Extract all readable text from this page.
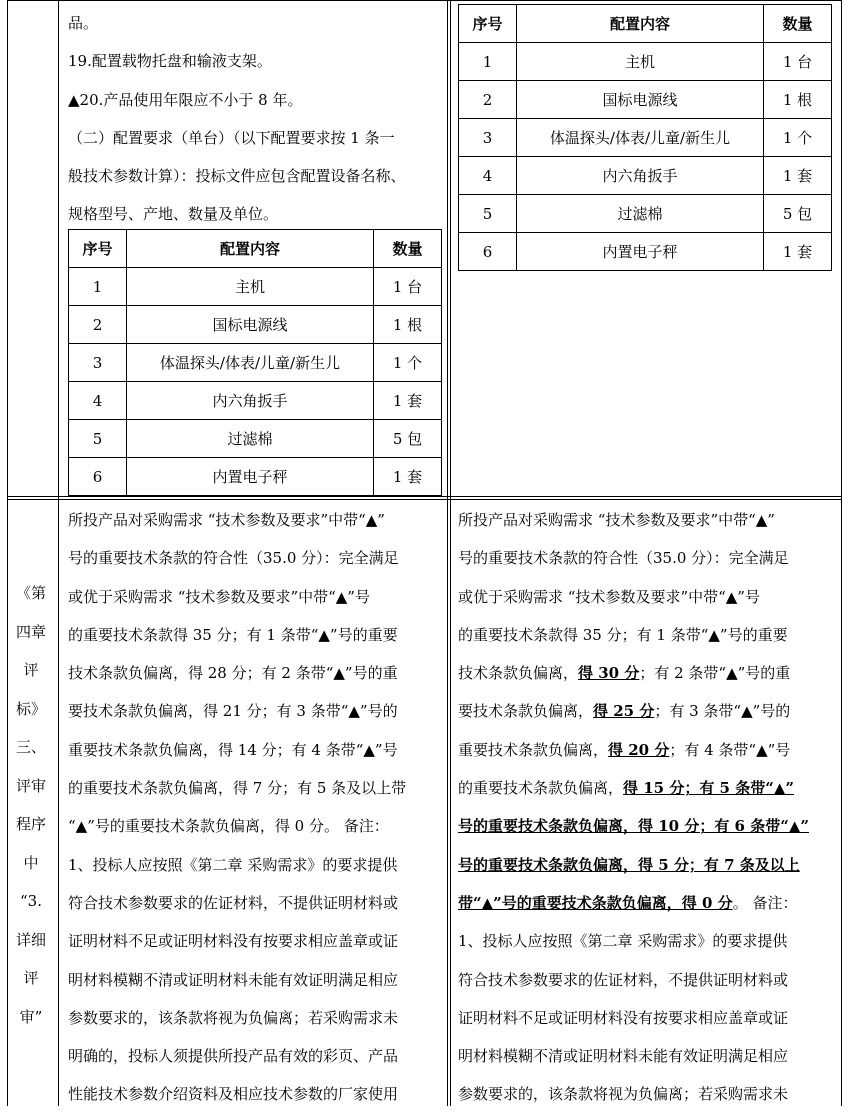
品。

19.配置载物托盘和输液支架。

▲20.产品使用年限应不小于 8 年。

（二）配置要求（单台）（以下配置要求按 1 条一

般技术参数计算）：投标文件应包含配置设备名称、

规格型号、产地、数量及单位。

序号	配置内容	数量
1	主机	1 台
2	国标电源线	1 根
3	体温探头/体表/儿童/新生儿	1 个
4	内六角扳手	1 套
5	过滤棉	5 包
6	内置电子秤	1 套
序号	配置内容	数量
1	主机	1 台
2	国标电源线	1 根
3	体温探头/体表/儿童/新生儿	1 个
4	内六角扳手	1 套
5	过滤棉	5 包
6	内置电子秤	1 套
《第
四章
评
标》
三、
评审
程序
中
“3.
详细
评
审”

所投产品对采购需求 “技术参数及要求”中带“▲”

号的重要技术条款的符合性（35.0 分）：完全满足

或优于采购需求 “技术参数及要求”中带“▲”号

的重要技术条款得 35 分；有 1 条带“▲”号的重要

技术条款负偏离，得 28 分；有 2 条带“▲”号的重

要技术条款负偏离，得 21 分；有 3 条带“▲”号的

重要技术条款负偏离，得 14 分；有 4 条带“▲”号

的重要技术条款负偏离，得 7 分；有 5 条及以上带

“▲”号的重要技术条款负偏离，得 0 分。 备注：

1、投标人应按照《第二章 采购需求》的要求提供

符合技术参数要求的佐证材料，不提供证明材料或

证明材料不足或证明材料没有按要求相应盖章或证

明材料模糊不清或证明材料未能有效证明满足相应

参数要求的，该条款将视为负偏离；若采购需求未

明确的，投标人须提供所投产品有效的彩页、产品

性能技术参数介绍资料及相应技术参数的厂家使用

所投产品对采购需求 “技术参数及要求”中带“▲”

号的重要技术条款的符合性（35.0 分）：完全满足

或优于采购需求 “技术参数及要求”中带“▲”号

的重要技术条款得 35 分；有 1 条带“▲”号的重要

技术条款负偏离，得 30 分；有 2 条带“▲”号的重

要技术条款负偏离，得 25 分；有 3 条带“▲”号的

重要技术条款负偏离，得 20 分；有 4 条带“▲”号

的重要技术条款负偏离，得 15 分；有 5 条带“▲”

号的重要技术条款负偏离，得 10 分；有 6 条带“▲”

号的重要技术条款负偏离，得 5 分；有 7 条及以上

带“▲”号的重要技术条款负偏离，得 0 分。 备注：

1、投标人应按照《第二章 采购需求》的要求提供

符合技术参数要求的佐证材料，不提供证明材料或

证明材料不足或证明材料没有按要求相应盖章或证

明材料模糊不清或证明材料未能有效证明满足相应

参数要求的，该条款将视为负偏离；若采购需求未
